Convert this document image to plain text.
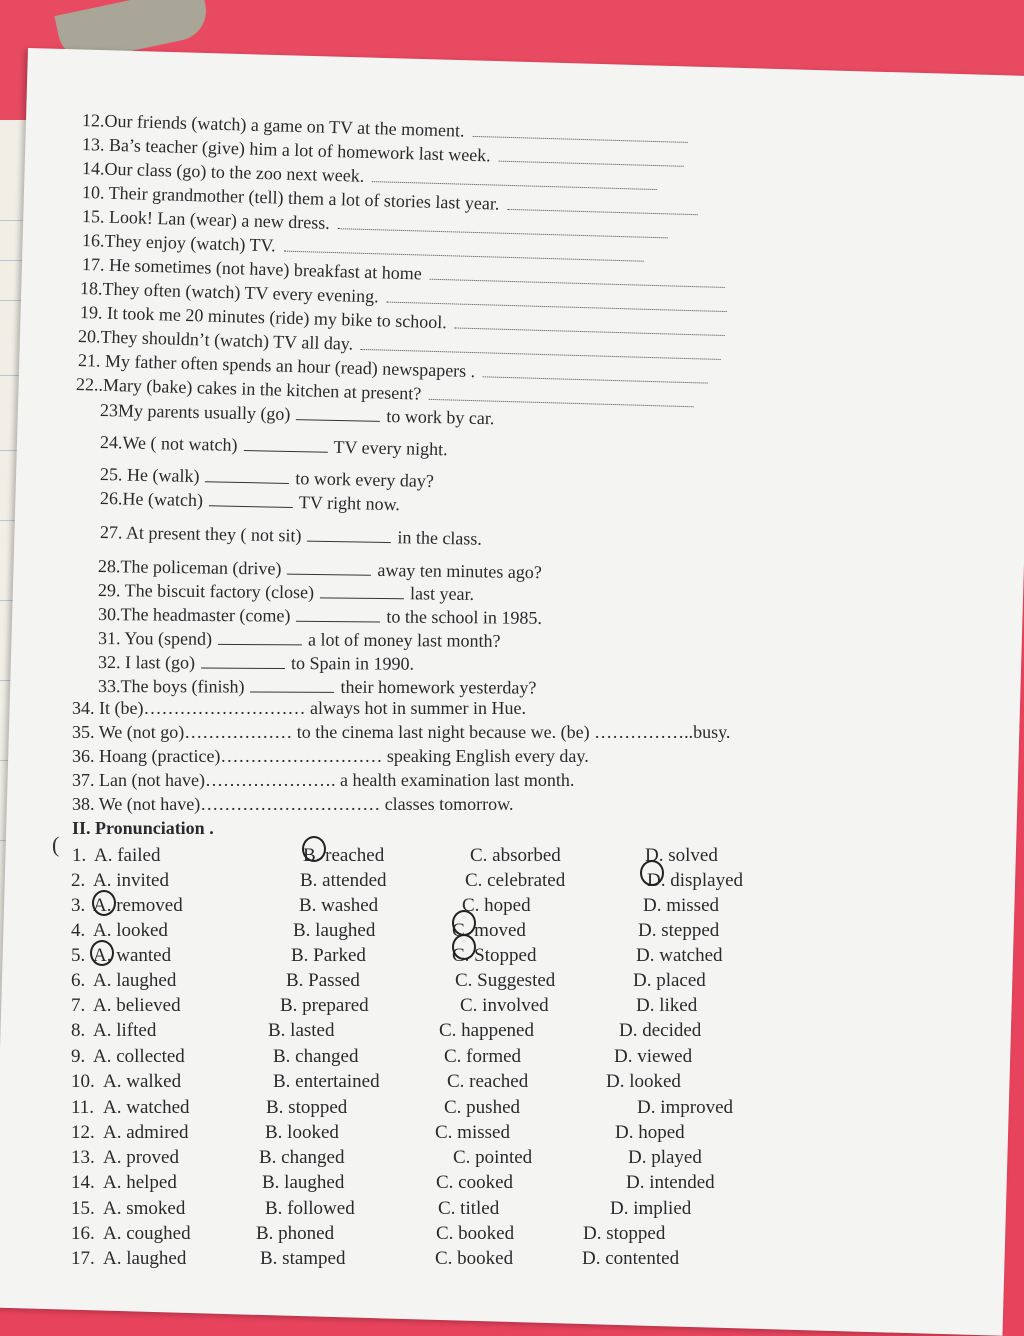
12.Our friends (watch) a game on TV at the moment.
13. Ba’s teacher (give) him a lot of homework last week.
14.Our class (go) to the zoo next week.
10. Their grandmother (tell) them a lot of stories last year.
15. Look! Lan (wear) a new dress.
16.They enjoy (watch) TV.
17. He sometimes (not have) breakfast at home
18.They often (watch) TV every evening.
19. It took me 20 minutes (ride) my bike to school.
20.They shouldn’t (watch) TV all day.
21. My father often spends an hour (read) newspapers .
22..Mary (bake) cakes in the kitchen at present?
23My parents usually (go)	to work by car.
24.We ( not watch)	TV every night.
25. He (walk)	to work every day?
26.He (watch)	TV right now.
27. At present they ( not sit)	in the class.
28.The policeman (drive)	away ten minutes ago?
29. The biscuit factory (close)	last year.
30.The headmaster (come)	to the school in 1985.
31. You (spend)	a lot of money last month?
32. I last (go)	to Spain in 1990.
33.The boys (finish)	their homework yesterday?
34. It (be)……………………… always hot in summer in Hue.
35. We (not go)……………… to the cinema last night because we. (be) ……………..busy.
36. Hoang (practice)……………………… speaking English every day.
37. Lan (not have)…………………. a health examination last month.
38. We (not have)………………………… classes tomorrow.
II. Pronunciation .
1. A. failed	B. reached	C. absorbed	D. solved
2. A. invited	B. attended	C. celebrated	D. displayed
3. A. removed	B. washed	C. hoped	D. missed
4. A. looked	B. laughed	C. moved	D. stepped
5. A. wanted	B. Parked	C. Stopped	D. watched
6. A. laughed	B. Passed	C. Suggested	D. placed
7. A. believed	B. prepared	C. involved	D. liked
8. A. lifted	B. lasted	C. happened	D. decided
9. A. collected	B. changed	C. formed	D. viewed
10. A. walked	B. entertained	C. reached	D. looked
11. A. watched	B. stopped	C. pushed	D. improved
12. A. admired	B. looked	C. missed	D. hoped
13. A. proved	B. changed	C. pointed	D. played
14. A. helped	B. laughed	C. cooked	D. intended
15. A. smoked	B. followed	C. titled	D. implied
16. A. coughed	B. phoned	C. booked	D. stopped
17. A. laughed	B. stamped	C. booked	D. contented
(
